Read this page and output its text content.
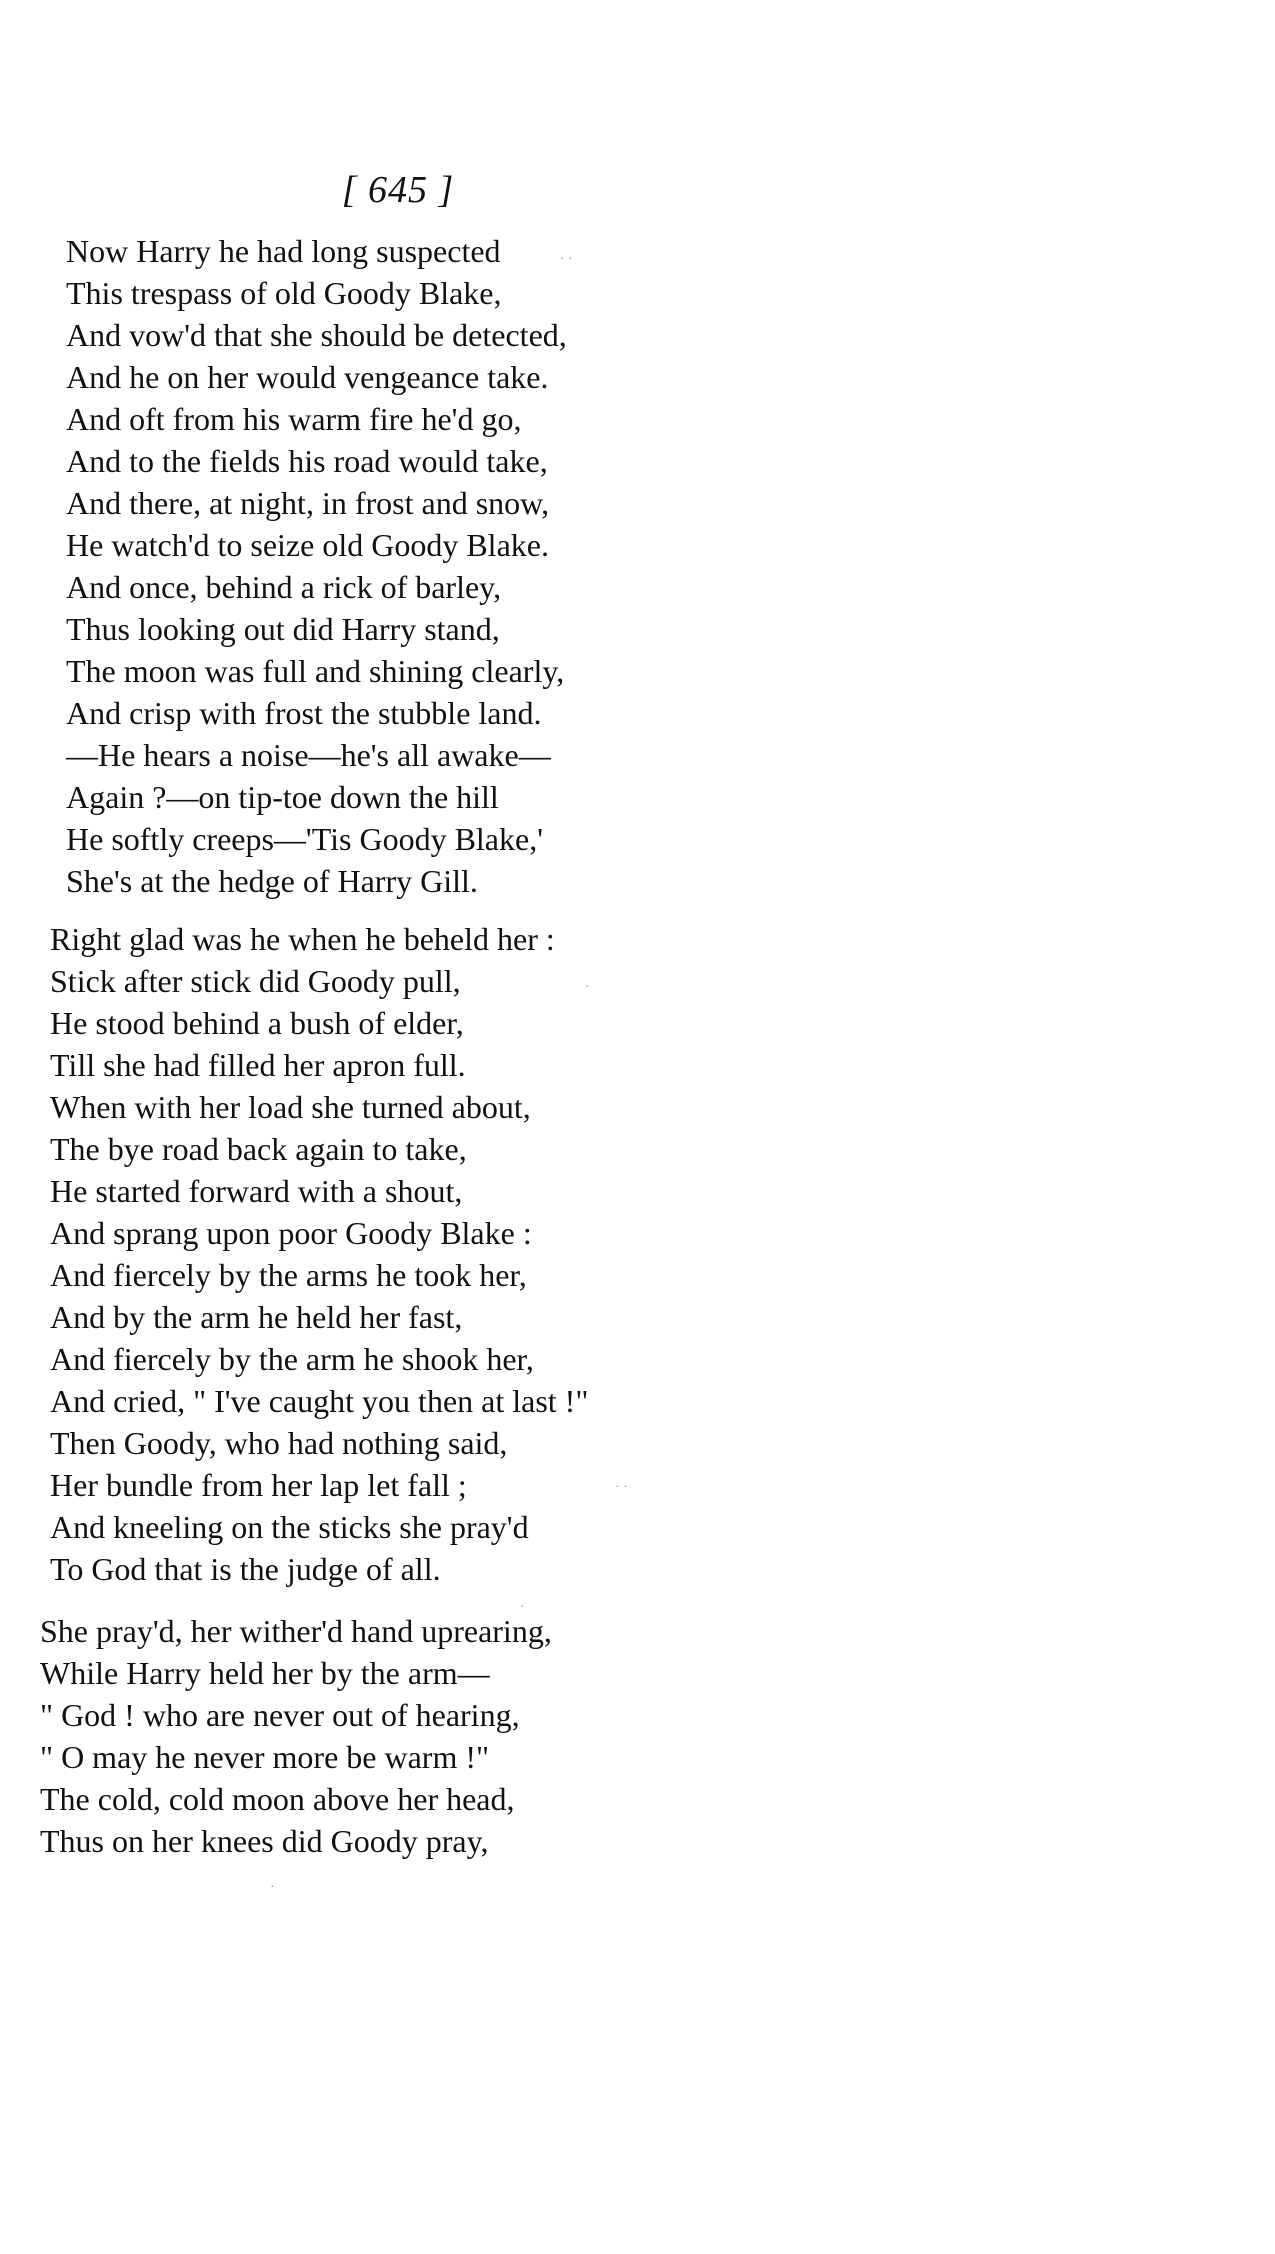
[ 645 ]
Now Harry he had long suspected
This trespass of old Goody Blake,
And vow'd that she should be detected,
And he on her would vengeance take.
And oft from his warm fire he'd go,
And to the fields his road would take,
And there, at night, in frost and snow,
He watch'd to seize old Goody Blake.
And once, behind a rick of barley,
Thus looking out did Harry stand,
The moon was full and shining clearly,
And crisp with frost the stubble land.
—He hears a noise—he's all awake—
Again ?—on tip-toe down the hill
He softly creeps—'Tis Goody Blake,'
She's at the hedge of Harry Gill.
Right glad was he when he beheld her :
Stick after stick did Goody pull,
He stood behind a bush of elder,
Till she had filled her apron full.
When with her load she turned about,
The bye road back again to take,
He started forward with a shout,
And sprang upon poor Goody Blake :
And fiercely by the arms he took her,
And by the arm he held her fast,
And fiercely by the arm he shook her,
And cried, " I've caught you then at last !"
Then Goody, who had nothing said,
Her bundle from her lap let fall ;
And kneeling on the sticks she pray'd
To God that is the judge of all.
She pray'd, her wither'd hand uprearing,
While Harry held her by the arm—
" God ! who are never out of hearing,
" O may he never more be warm !"
The cold, cold moon above her head,
Thus on her knees did Goody pray,
· ·
·
· ·
·
·
